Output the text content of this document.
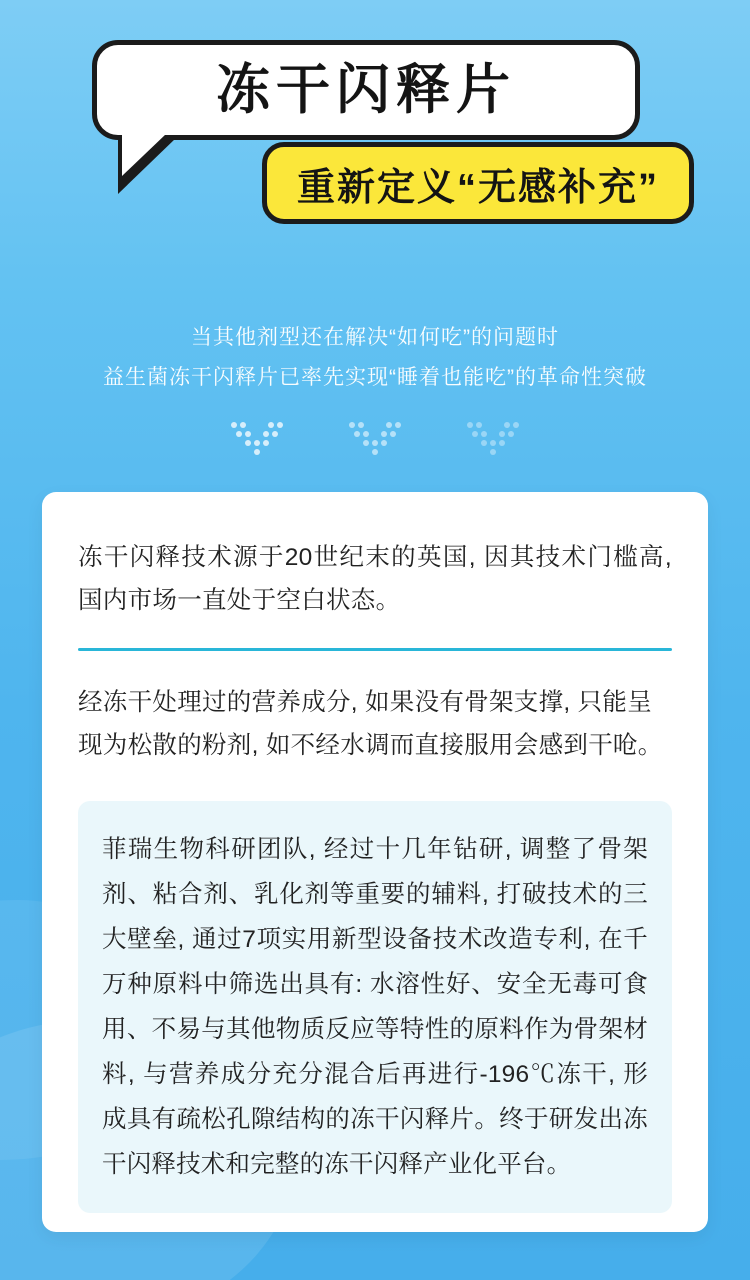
冻干闪释片
重新定义“无感补充”
当其他剂型还在解决“如何吃”的问题时
益生菌冻干闪释片已率先实现“睡着也能吃”的革命性突破
冻干闪释技术源于20世纪末的英国, 因其技术门槛高, 国内市场一直处于空白状态。
经冻干处理过的营养成分, 如果没有骨架支撑, 只能呈现为松散的粉剂, 如不经水调而直接服用会感到干呛。
菲瑞生物科研团队, 经过十几年钻研, 调整了骨架剂、粘合剂、乳化剂等重要的辅料, 打破技术的三大壁垒, 通过7项实用新型设备技术改造专利, 在千万种原料中筛选出具有: 水溶性好、安全无毒可食用、不易与其他物质反应等特性的原料作为骨架材料, 与营养成分充分混合后再进行-196℃冻干, 形成具有疏松孔隙结构的冻干闪释片。终于研发出冻干闪释技术和完整的冻干闪释产业化平台。
